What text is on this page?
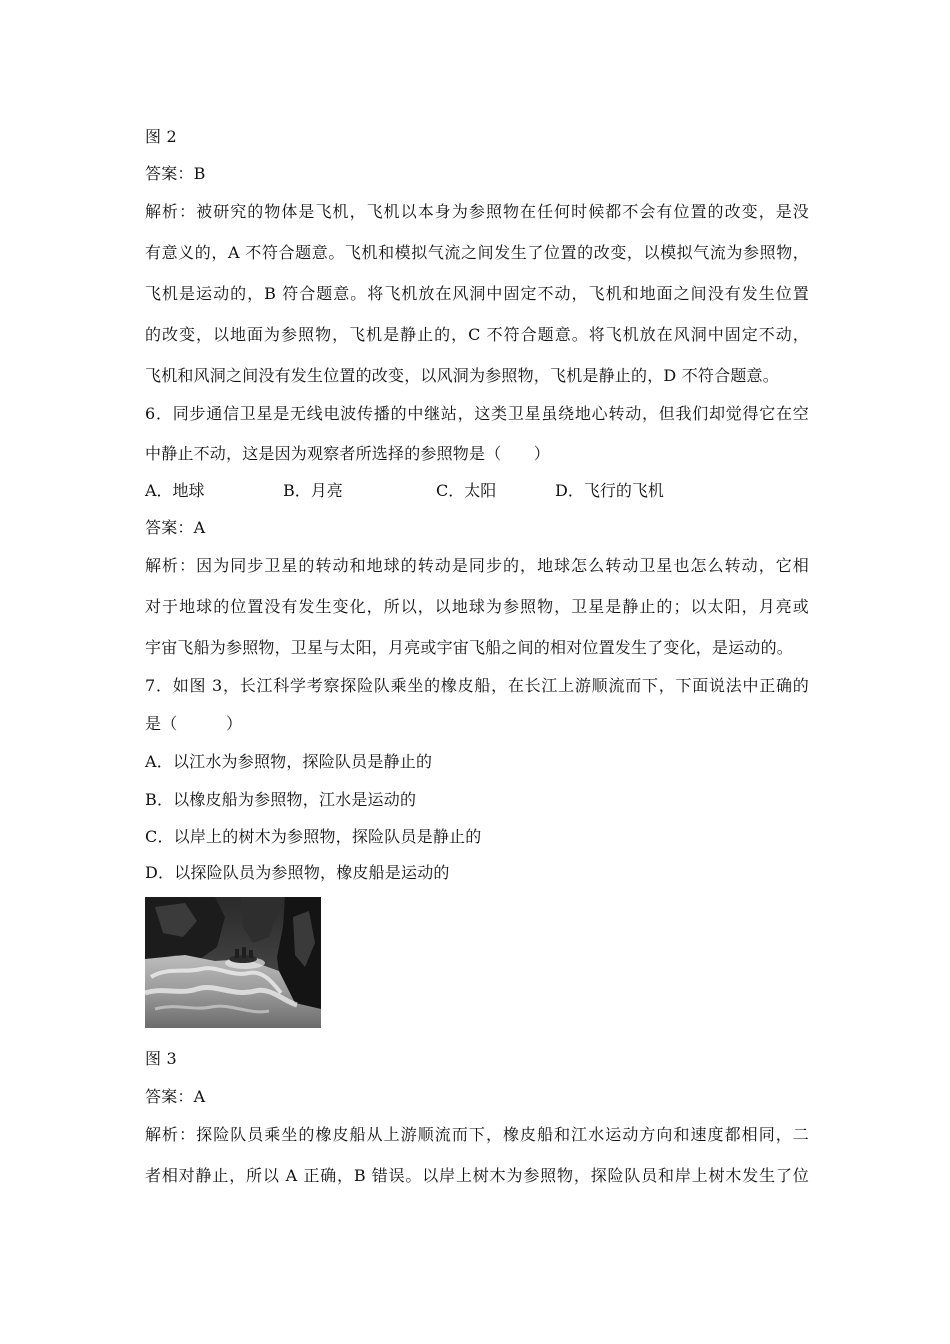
图 2
答案：B
解析：被研究的物体是飞机，飞机以本身为参照物在任何时候都不会有位置的改变，是没
有意义的，A 不符合题意。飞机和模拟气流之间发生了位置的改变，以模拟气流为参照物，
飞机是运动的，B 符合题意。将飞机放在风洞中固定不动，飞机和地面之间没有发生位置
的改变，以地面为参照物，飞机是静止的，C 不符合题意。将飞机放在风洞中固定不动，
飞机和风洞之间没有发生位置的改变，以风洞为参照物，飞机是静止的，D 不符合题意。
6．同步通信卫星是无线电波传播的中继站，这类卫星虽绕地心转动，但我们却觉得它在空
中静止不动，这是因为观察者所选择的参照物是（　　）
A．地球	B．月亮	C．太阳	D．飞行的飞机
答案：A
解析：因为同步卫星的转动和地球的转动是同步的，地球怎么转动卫星也怎么转动，它相
对于地球的位置没有发生变化，所以，以地球为参照物，卫星是静止的；以太阳，月亮或
宇宙飞船为参照物，卫星与太阳，月亮或宇宙飞船之间的相对位置发生了变化，是运动的。
7．如图 3，长江科学考察探险队乘坐的橡皮船，在长江上游顺流而下，下面说法中正确的
是（　　　）
A．以江水为参照物，探险队员是静止的
B．以橡皮船为参照物，江水是运动的
C．以岸上的树木为参照物，探险队员是静止的
D．以探险队员为参照物，橡皮船是运动的
图 3
答案：A
解析：探险队员乘坐的橡皮船从上游顺流而下，橡皮船和江水运动方向和速度都相同，二
者相对静止，所以 A 正确，B 错误。以岸上树木为参照物，探险队员和岸上树木发生了位
